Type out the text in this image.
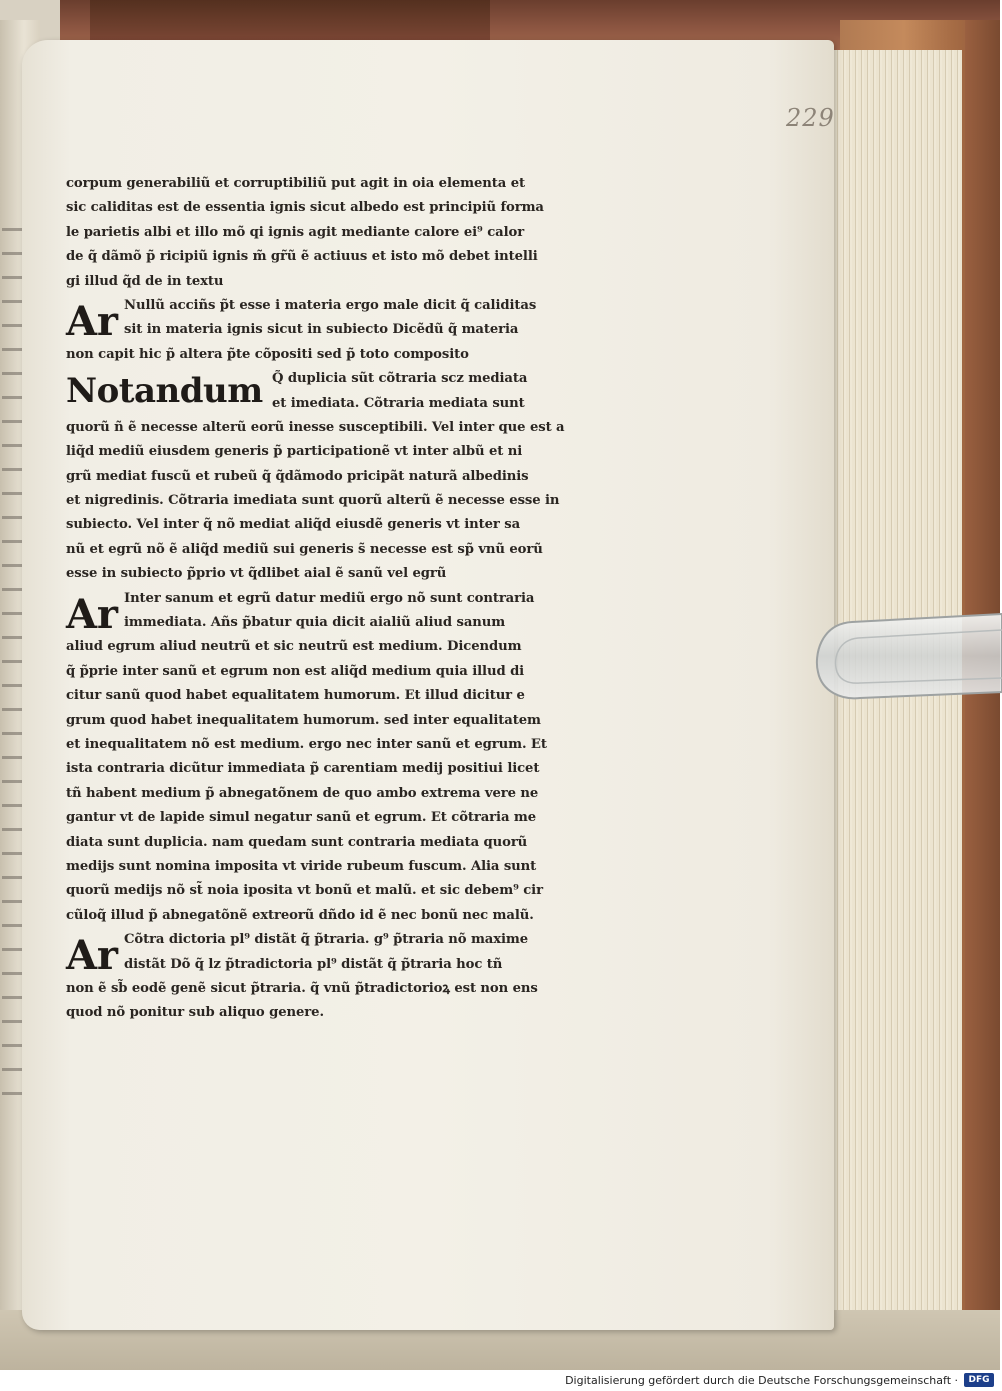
229
corpum generabiliũ et corruptibiliũ put agit in oia elementa et
sic caliditas est de essentia ignis sicut albedo est principiũ forma
le parietis albi et illo mõ qi ignis agit mediante calore ei⁹ calor
de q̃ dãmõ p̃ ricipiũ ignis m̃ gr̃ũ ẽ actiuus et isto mõ debet intelli
gi illud q̃d de in textu
Ar Nullũ acciñs p̃t esse i materia ergo male dicit q̃ caliditas
sit in materia ignis sicut in subiecto Dicẽdũ q̃ materia
non capit hic p̃ altera p̃te cõpositi sed p̃ toto composito
Notandum Q̃ duplicia sũt cõtraria scz mediata
et imediata. Cõtraria mediata sunt
quorũ ñ ẽ necesse alterũ eorũ inesse susceptibili. Vel inter que est a
liq̃d mediũ eiusdem generis p̃ participationẽ vt inter albũ et ni
grũ mediat fuscũ et rubeũ q̃ q̃dãmodo pricipãt naturã albedinis
et nigredinis. Cõtraria imediata sunt quorũ alterũ ẽ necesse esse in
subiecto. Vel inter q̃ nõ mediat aliq̃d eiusdẽ generis vt inter sa
nũ et egrũ nõ ẽ aliq̃d mediũ sui generis s̃ necesse est sp̃ vnũ eorũ
esse in subiecto p̃prio vt q̃dlibet aial ẽ sanũ vel egrũ
Ar Inter sanum et egrũ datur mediũ ergo nõ sunt contraria
immediata. Añs p̃batur quia dicit aialiũ aliud sanum
aliud egrum aliud neutrũ et sic neutrũ est medium. Dicendum
q̃ p̃prie inter sanũ et egrum non est aliq̃d medium quia illud di
citur sanũ quod habet equalitatem humorum. Et illud dicitur e
grum quod habet inequalitatem humorum. sed inter equalitatem
et inequalitatem nõ est medium. ergo nec inter sanũ et egrum. Et
ista contraria dicũtur immediata p̃ carentiam medij positiui licet
tñ habent medium p̃ abnegatõnem de quo ambo extrema vere ne
gantur vt de lapide simul negatur sanũ et egrum. Et cõtraria me
diata sunt duplicia. nam quedam sunt contraria mediata quorũ
medijs sunt nomina imposita vt viride rubeum fuscum. Alia sunt
quorũ medijs nõ st̃ noia iposita vt bonũ et malũ. et sic debem⁹ cir
cũloq̃ illud p̃ abnegatõnẽ extreorũ dñdo id ẽ nec bonũ nec malũ.
Ar Cõtra dictoria pl⁹ distãt q̃ p̃traria. g⁹ p̃traria nõ maxime
distãt Dõ q̃ lz p̃tradictoria pl⁹ distãt q̃ p̃traria hoc tñ
non ẽ sb̃ eodẽ genẽ sicut p̃traria. q̃ vnũ p̃tradictorioꝝ est non ens
quod nõ ponitur sub aliquo genere.
Digitalisierung gefördert durch die Deutsche Forschungsgemeinschaft ·	DFG
